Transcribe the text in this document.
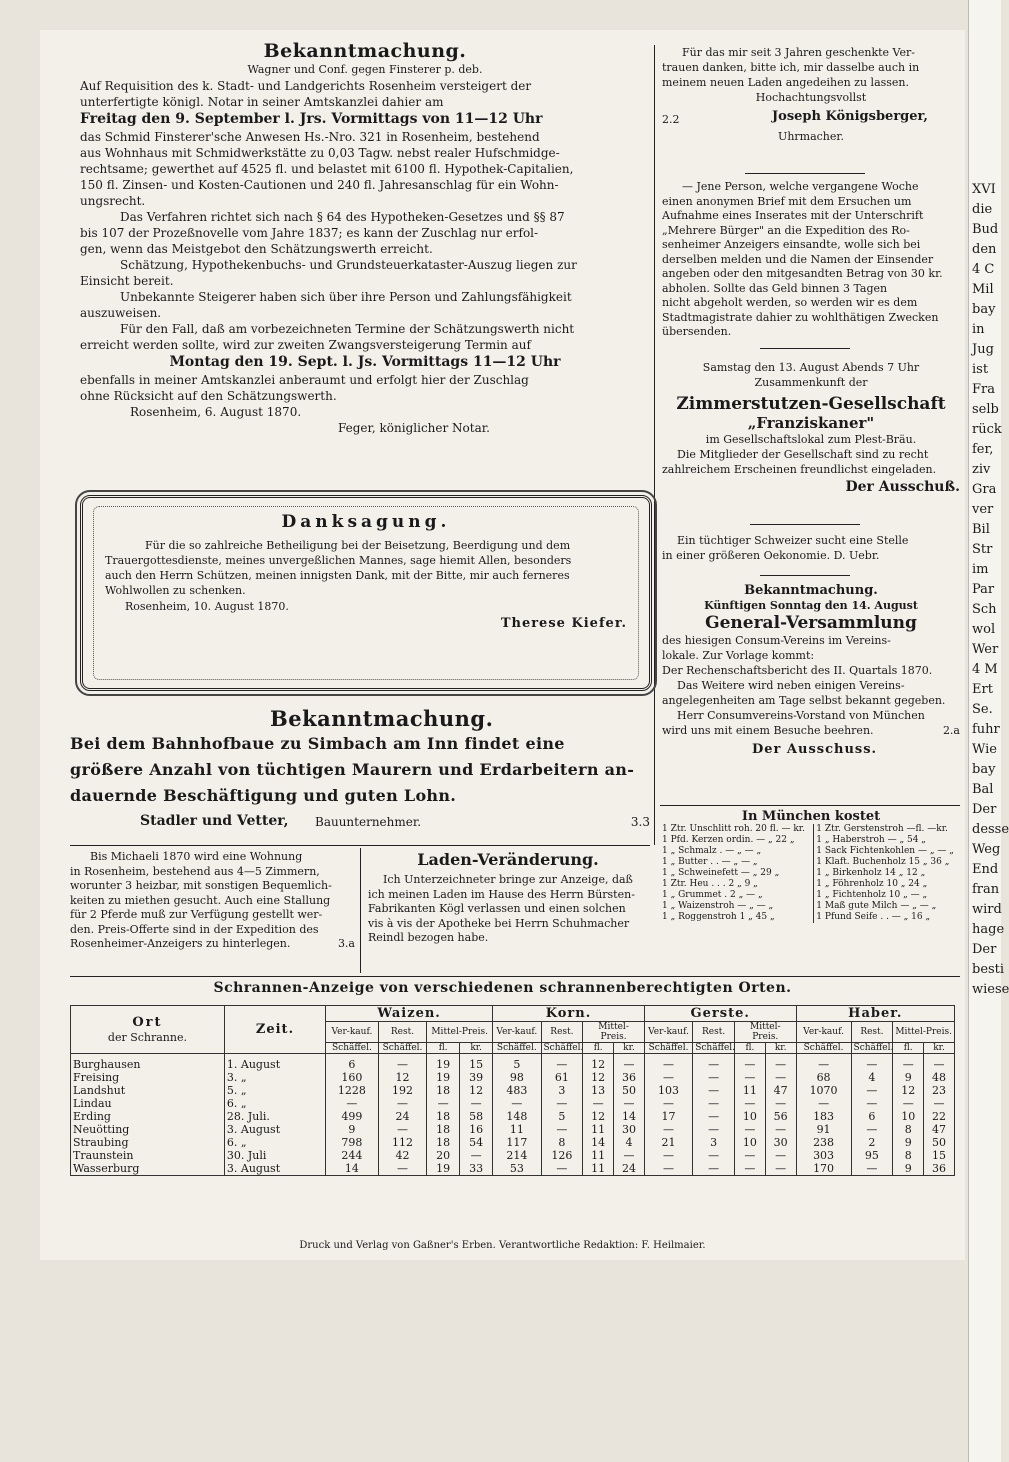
Bekanntmachung.

Wagner und Conf. gegen Finsterer p. deb.

Auf Requisition des k. Stadt- und Landgerichts Rosenheim versteigert der

unterfertigte königl. Notar in seiner Amtskanzlei dahier am

Freitag den 9. September l. Jrs. Vormittags von 11—12 Uhr

das Schmid Finsterer'sche Anwesen Hs.-Nro. 321 in Rosenheim, bestehend

aus Wohnhaus mit Schmidwerkstätte zu 0,03 Tagw. nebst realer Hufschmidge-

rechtsame; gewerthet auf 4525 fl. und belastet mit 6100 fl. Hypothek-Capitalien,

150 fl. Zinsen- und Kosten-Cautionen und 240 fl. Jahresanschlag für ein Wohn-

ungsrecht.

Das Verfahren richtet sich nach § 64 des Hypotheken-Gesetzes und §§ 87

bis 107 der Prozeßnovelle vom Jahre 1837; es kann der Zuschlag nur erfol-

gen, wenn das Meistgebot den Schätzungswerth erreicht.

Schätzung, Hypothekenbuchs- und Grundsteuerkataster-Auszug liegen zur

Einsicht bereit.

Unbekannte Steigerer haben sich über ihre Person und Zahlungsfähigkeit

auszuweisen.

Für den Fall, daß am vorbezeichneten Termine der Schätzungswerth nicht

erreicht werden sollte, wird zur zweiten Zwangsversteigerung Termin auf

Montag den 19. Sept. l. Js. Vormittags 11—12 Uhr

ebenfalls in meiner Amtskanzlei anberaumt und erfolgt hier der Zuschlag

ohne Rücksicht auf den Schätzungswerth.

Rosenheim, 6. August 1870.

Feger, königlicher Notar.

Danksagung.

Für die so zahlreiche Betheiligung bei der Beisetzung, Beerdigung und dem

Trauergottesdienste, meines unvergeßlichen Mannes, sage hiemit Allen, besonders

auch den Herrn Schützen, meinen innigsten Dank, mit der Bitte, mir auch ferneres

Wohlwollen zu schenken.

Rosenheim, 10. August 1870.

Therese Kiefer.

Bekanntmachung.

Bei dem Bahnhofbaue zu Simbach am Inn findet eine

größere Anzahl von tüchtigen Maurern und Erdarbeitern an-

dauernde Beschäftigung und guten Lohn.

Stadler und Vetter, Bauunternehmer.	3.3

Bis Michaeli 1870 wird eine Wohnung

in Rosenheim, bestehend aus 4—5 Zimmern,

worunter 3 heizbar, mit sonstigen Bequemlich-

keiten zu miethen gesucht. Auch eine Stallung

für 2 Pferde muß zur Verfügung gestellt wer-

den. Preis-Offerte sind in der Expedition des

Rosenheimer-Anzeigers zu hinterlegen.	3.a

Laden-Veränderung.

Ich Unterzeichneter bringe zur Anzeige, daß

ich meinen Laden im Hause des Herrn Bürsten-

Fabrikanten Kögl verlassen und einen solchen

vis à vis der Apotheke bei Herrn Schuhmacher

Reindl bezogen habe.

Für das mir seit 3 Jahren geschenkte Ver-

trauen danken, bitte ich, mir dasselbe auch in

meinem neuen Laden angedeihen zu lassen.

Hochachtungsvollst

2.2	Joseph Königsberger,

Uhrmacher.

— Jene Person, welche vergangene Woche

einen anonymen Brief mit dem Ersuchen um

Aufnahme eines Inserates mit der Unterschrift

„Mehrere Bürger" an die Expedition des Ro-

senheimer Anzeigers einsandte, wolle sich bei

derselben melden und die Namen der Einsender

angeben oder den mitgesandten Betrag von 30 kr.

abholen. Sollte das Geld binnen 3 Tagen

nicht abgeholt werden, so werden wir es dem

Stadtmagistrate dahier zu wohlthätigen Zwecken

übersenden.

Samstag den 13. August Abends 7 Uhr

Zusammenkunft der

Zimmerstutzen-Gesellschaft

„Franziskaner"

im Gesellschaftslokal zum Plest-Bräu.

Die Mitglieder der Gesellschaft sind zu recht

zahlreichem Erscheinen freundlichst eingeladen.

Der Ausschuß.

Ein tüchtiger Schweizer sucht eine Stelle

in einer größeren Oekonomie. D. Uebr.

Bekanntmachung.

Künftigen Sonntag den 14. August

General-Versammlung

des hiesigen Consum-Vereins im Vereins-

lokale. Zur Vorlage kommt:

Der Rechenschaftsbericht des II. Quartals 1870.

Das Weitere wird neben einigen Vereins-

angelegenheiten am Tage selbst bekannt gegeben.

Herr Consumvereins-Vorstand von München

wird uns mit einem Besuche beehren.	2.a

Der Ausschuss.

In München kostet

1 Ztr. Unschlitt roh. 20 fl. — kr.	1 Ztr. Gerstenstroh —fl. —kr.
1 Pfd. Kerzen ordin. — „ 22 „	1 „ Haberstroh — „ 54 „
1 „ Schmalz . — „ — „	1 Sack Fichtenkohlen — „ — „
1 „ Butter . . — „ — „	1 Klaft. Buchenholz 15 „ 36 „
1 „ Schweinefett — „ 29 „	1 „ Birkenholz 14 „ 12 „
1 Ztr. Heu . . . 2 „ 9 „	1 „ Föhrenholz 10 „ 24 „
1 „ Grummet . 2 „ — „	1 „ Fichtenholz 10 „ — „
1 „ Waizenstroh — „ — „	1 Maß gute Milch — „ — „
1 „ Roggenstroh 1 „ 45 „	1 Pfund Seife . . — „ 16 „

Schrannen-Anzeige von verschiedenen schrannenberechtigten Orten.

Ort
der Schranne.	Zeit.	Waizen.				Korn.				Gerste.				Haber.			
		Ver-kauf.	Rest.	Mittel-Preis.		Ver-kauf.	Rest.	Mittel-Preis.		Ver-kauf.	Rest.	Mittel-Preis.		Ver-kauf.	Rest.	Mittel-Preis.	
		Schäffel.	Schäffel.	fl.	kr.	Schäffel.	Schäffel.	fl.	kr.	Schäffel.	Schäffel.	fl.	kr.	Schäffel.	Schäffel.	fl.	kr.
Burghausen	1. August	6	—	19	15	5	—	12	—	—	—	—	—	—	—	—	—
Freising	3. „	160	12	19	39	98	61	12	36	—	—	—	—	68	4	9	48
Landshut	5. „	1228	192	18	12	483	3	13	50	103	—	11	47	1070	—	12	23
Lindau	6. „	—	—	—	—	—	—	—	—	—	—	—	—	—	—	—	—
Erding	28. Juli.	499	24	18	58	148	5	12	14	17	—	10	56	183	6	10	22
Neuötting	3. August	9	—	18	16	11	—	11	30	—	—	—	—	91	—	8	47
Straubing	6. „	798	112	18	54	117	8	14	4	21	3	10	30	238	2	9	50
Traunstein	30. Juli	244	42	20	—	214	126	11	—	—	—	—	—	303	95	8	15
Wasserburg	3. August	14	—	19	33	53	—	11	24	—	—	—	—	170	—	9	36

Druck und Verlag von Gaßner's Erben. Verantwortliche Redaktion: F. Heilmaier.

XVI
die
Bud
den
4 C
Mil
bay
in
Jug
ist
Fra
selb
rück
fer,
ziv
Gra
ver
Bil
Str
im
Par
Sch
wol
Wer
4 M
Ert
Se.
fuhr
Wie
bay
Bal
Der
desse
Weg
End
fran
wird
hage
Der
besti
wiese
